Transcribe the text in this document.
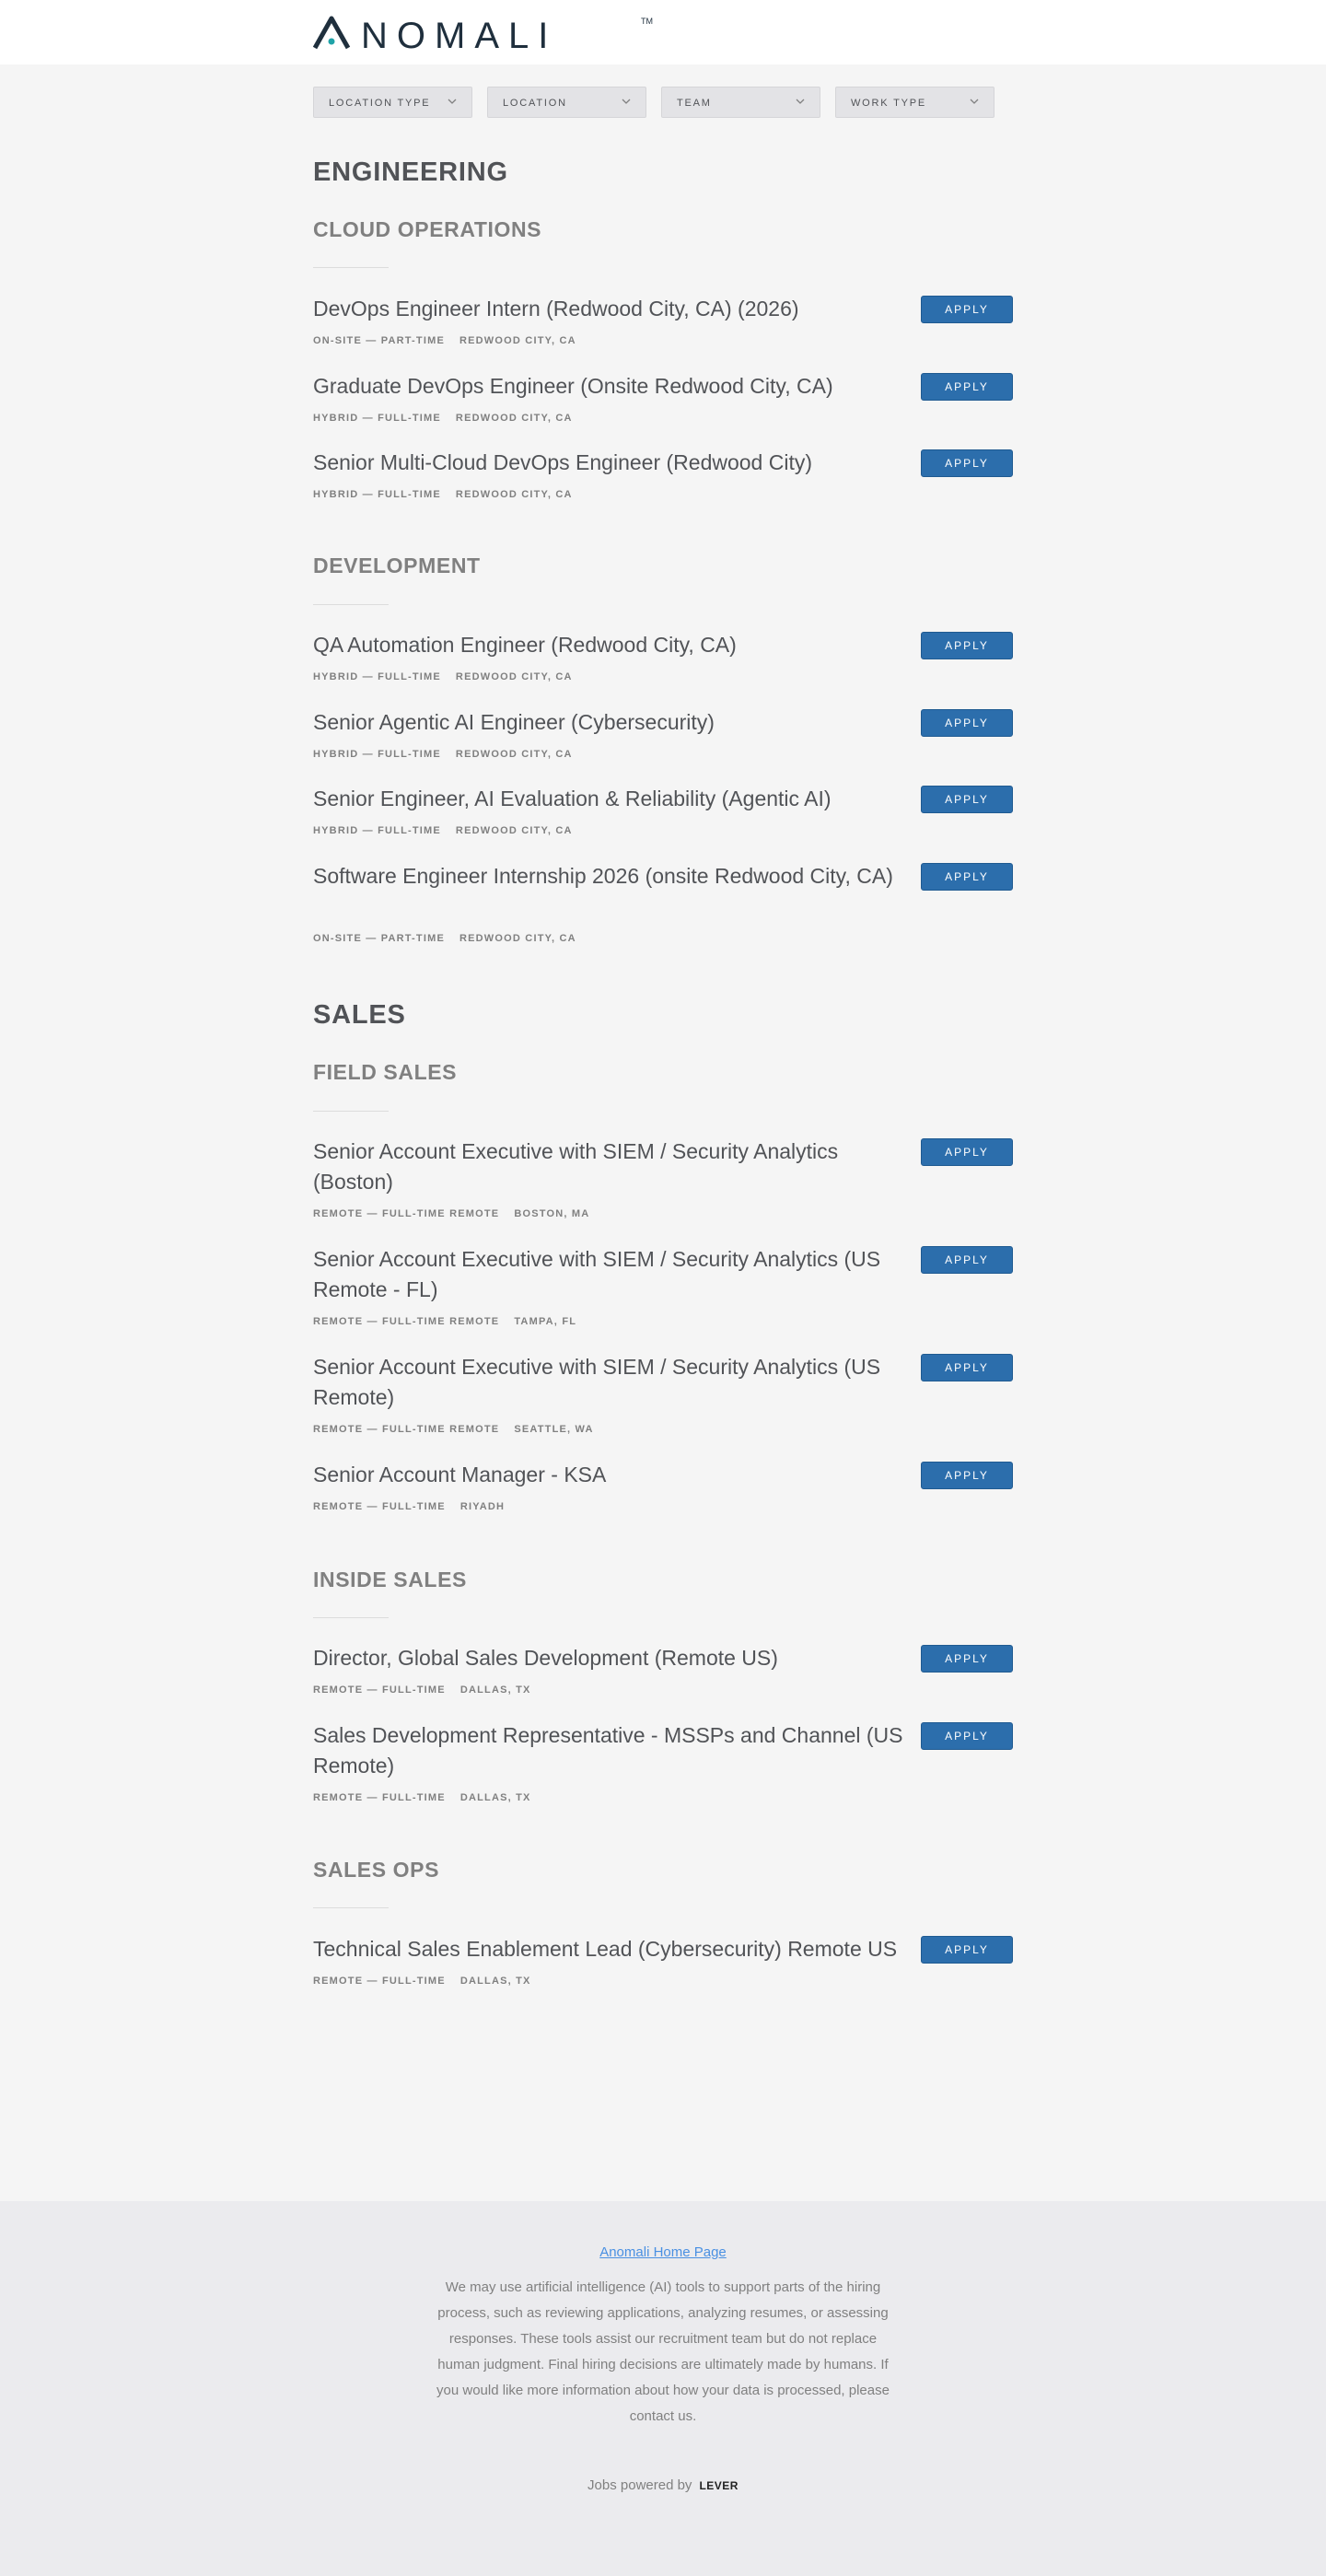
NOMALI	TM
LOCATION TYPE	LOCATION	TEAM	WORK TYPE
ENGINEERING
CLOUD OPERATIONS
DevOps Engineer Intern (Redwood City, CA) (2026)
ON-SITE — PART-TIME REDWOOD CITY, CA
APPLY
Graduate DevOps Engineer (Onsite Redwood City, CA)
HYBRID — FULL-TIME REDWOOD CITY, CA
APPLY
Senior Multi-Cloud DevOps Engineer (Redwood City)
HYBRID — FULL-TIME REDWOOD CITY, CA
APPLY
DEVELOPMENT
QA Automation Engineer (Redwood City, CA)
HYBRID — FULL-TIME REDWOOD CITY, CA
APPLY
Senior Agentic AI Engineer (Cybersecurity)
HYBRID — FULL-TIME REDWOOD CITY, CA
APPLY
Senior Engineer, AI Evaluation & Reliability (Agentic AI)
HYBRID — FULL-TIME REDWOOD CITY, CA
APPLY
Software Engineer Internship 2026 (onsite Redwood City, CA)
ON-SITE — PART-TIME REDWOOD CITY, CA
APPLY
SALES
FIELD SALES
Senior Account Executive with SIEM / Security Analytics (Boston)
REMOTE — FULL-TIME REMOTE BOSTON, MA
APPLY
Senior Account Executive with SIEM / Security Analytics (US Remote - FL)
REMOTE — FULL-TIME REMOTE TAMPA, FL
APPLY
Senior Account Executive with SIEM / Security Analytics (US Remote)
REMOTE — FULL-TIME REMOTE SEATTLE, WA
APPLY
Senior Account Manager - KSA
REMOTE — FULL-TIME RIYADH
APPLY
INSIDE SALES
Director, Global Sales Development (Remote US)
REMOTE — FULL-TIME DALLAS, TX
APPLY
Sales Development Representative - MSSPs and Channel (US Remote)
REMOTE — FULL-TIME DALLAS, TX
APPLY
SALES OPS
Technical Sales Enablement Lead (Cybersecurity) Remote US
REMOTE — FULL-TIME DALLAS, TX
APPLY
Anomali Home Page
We may use artificial intelligence (AI) tools to support parts of the hiring process, such as reviewing applications, analyzing resumes, or assessing responses. These tools assist our recruitment team but do not replace human judgment. Final hiring decisions are ultimately made by humans. If you would like more information about how your data is processed, please contact us.
Jobs powered by LEVER
